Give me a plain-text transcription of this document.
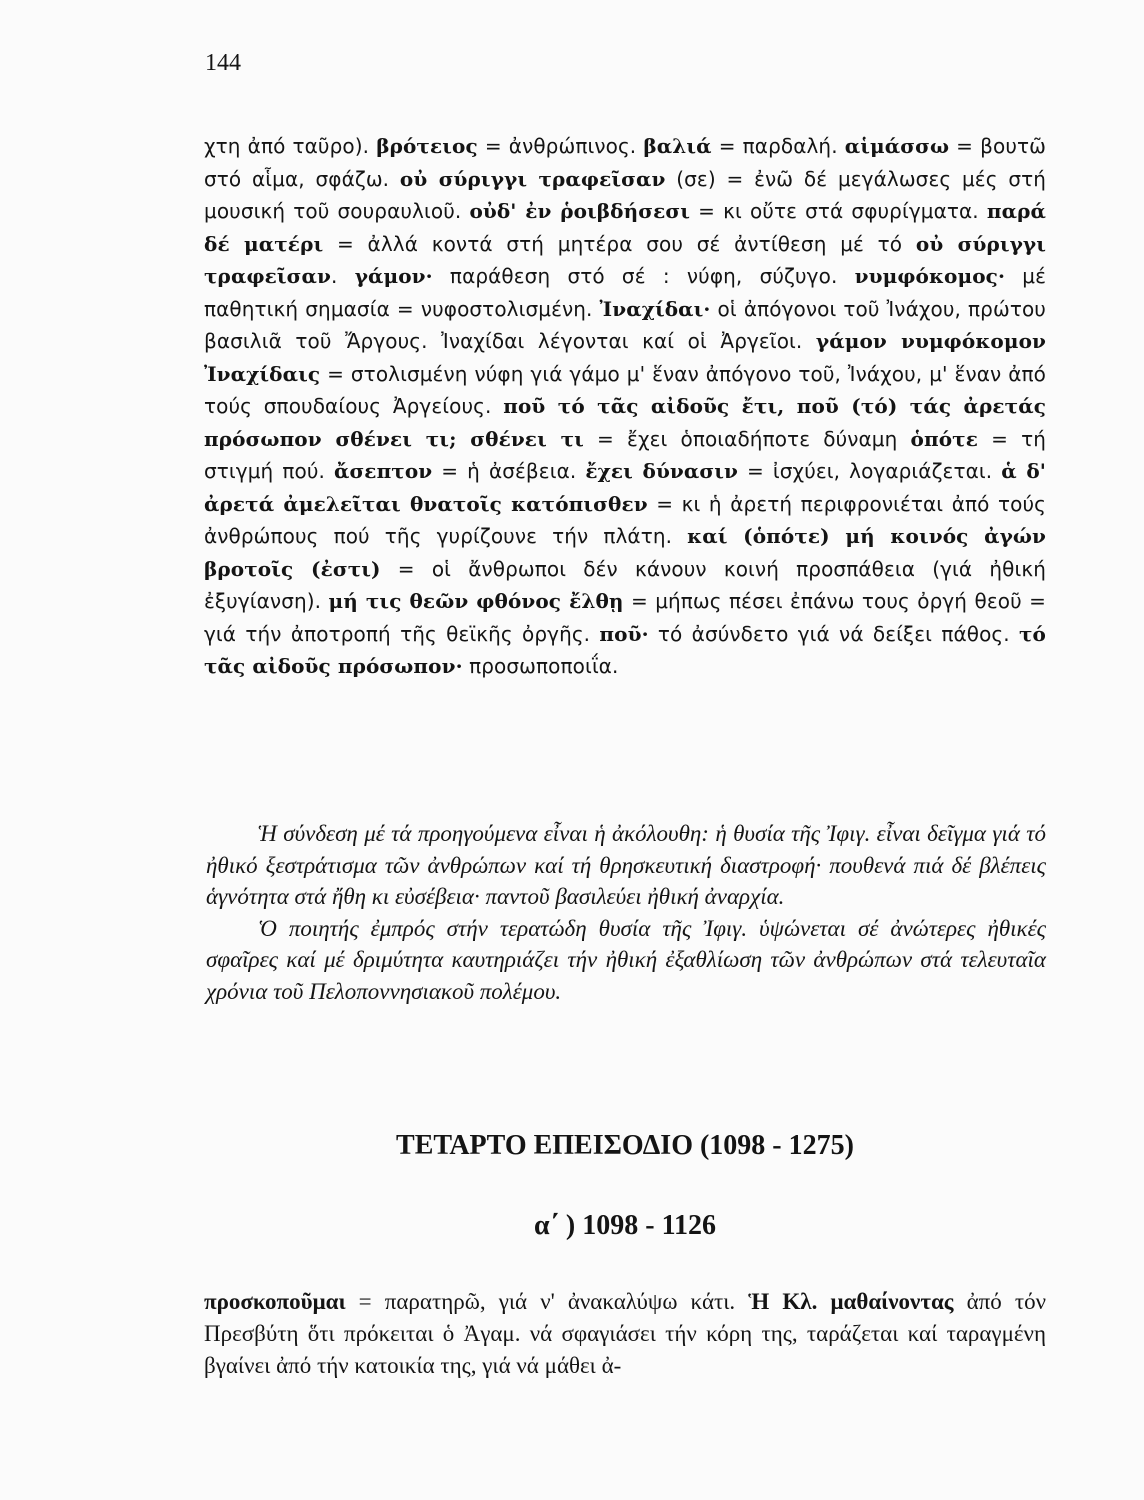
144

χτη ἀπό ταῦρο). βρότειος = ἀνθρώπινος. βαλιά = παρδαλή. αἱμάσσω = βουτῶ στό αἷμα, σφάζω. οὐ σύριγγι τραφεῖσαν (σε) = ἐνῶ δέ μεγάλωσες μές στή μουσική τοῦ σουραυλιοῦ. οὐδ' ἐν ῥοιβδήσεσι = κι οὔτε στά σφυρίγματα. παρά δέ ματέρι = ἀλλά κοντά στή μητέρα σου σέ ἀντίθεση μέ τό οὐ σύριγγι τραφεῖσαν. γάμον· παράθεση στό σέ : νύφη, σύζυγο. νυμφόκομος· μέ παθητική σημασία = νυφοστολισμένη. Ἰναχίδαι· οἱ ἀπόγονοι τοῦ Ἰνάχου, πρώτου βασιλιᾶ τοῦ Ἄργους. Ἰναχίδαι λέγονται καί οἱ Ἀργεῖοι. γάμον νυμφόκομον Ἰναχίδαις = στολισμένη νύφη γιά γάμο μ' ἕναν ἀπόγονο τοῦ, Ἰνάχου, μ' ἕναν ἀπό τούς σπουδαίους Ἀργείους. ποῦ τό τᾶς αἰδοῦς ἔτι, ποῦ (τό) τάς ἀρετάς πρόσωπον σθένει τι; σθένει τι = ἔχει ὁποιαδήποτε δύναμη ὁπότε = τή στιγμή πού. ἄσεπτον = ἡ ἀσέβεια. ἔχει δύνασιν = ἰσχύει, λογαριάζεται. ἁ δ' ἀρετά ἀμελεῖται θνατοῖς κατόπισθεν = κι ἡ ἀρετή περιφρονιέται ἀπό τούς ἀνθρώπους πού τῆς γυρίζουνε τήν πλάτη. καί (ὁπότε) μή κοινός ἀγών βροτοῖς (ἐστι) = οἱ ἄνθρωποι δέν κάνουν κοινή προσπάθεια (γιά ἠθική ἐξυγίανση). μή τις θεῶν φθόνος ἔλθῃ = μήπως πέσει ἐπάνω τους ὀργή θεοῦ = γιά τήν ἀποτροπή τῆς θεϊκῆς ὀργῆς. ποῦ· τό ἀσύνδετο γιά νά δείξει πάθος. τό τᾶς αἰδοῦς πρόσωπον· προσωποποιΐα.

Ἡ σύνδεση μέ τά προηγούμενα εἶναι ἡ ἀκόλουθη: ἡ θυσία τῆς Ἰφιγ. εἶναι δεῖγμα γιά τό ἠθικό ξεστράτισμα τῶν ἀνθρώπων καί τή θρησκευτική διαστροφή· πουθενά πιά δέ βλέπεις ἁγνότητα στά ἤθη κι εὐσέβεια· παντοῦ βασιλεύει ἠθική ἀναρχία.

Ὁ ποιητής ἐμπρός στήν τερατώδη θυσία τῆς Ἰφιγ. ὑψώνεται σέ ἀνώτερες ἠθικές σφαῖρες καί μέ δριμύτητα καυτηριάζει τήν ἠθική ἐξαθλίωση τῶν ἀνθρώπων στά τελευταῖα χρόνια τοῦ Πελοποννησιακοῦ πολέμου.

ΤΕΤΑΡΤΟ ΕΠΕΙΣΟΔΙΟ (1098 - 1275)
α΄ ) 1098 - 1126

προσκοποῦμαι = παρατηρῶ, γιά ν' ἀνακαλύψω κάτι. Ἡ Κλ. μαθαίνοντας ἀπό τόν Πρεσβύτη ὅτι πρόκειται ὁ Ἀγαμ. νά σφαγιάσει τήν κόρη της, ταράζεται καί ταραγμένη βγαίνει ἀπό τήν κατοικία της, γιά νά μάθει ἀ-
